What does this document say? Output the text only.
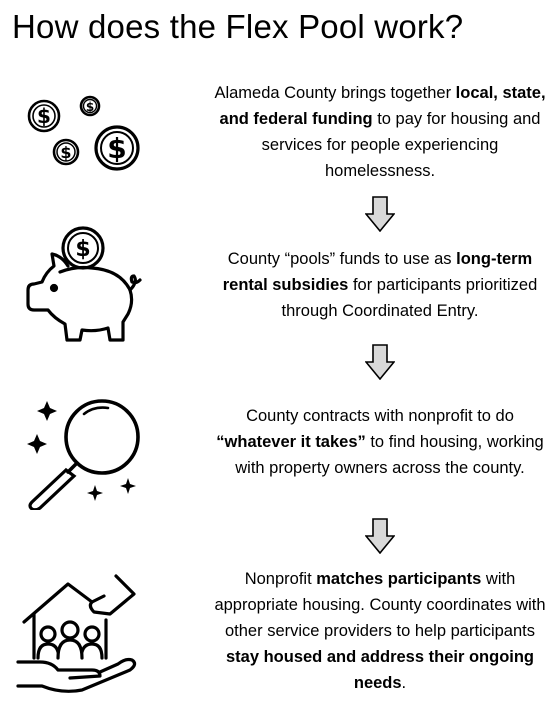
How does the Flex Pool work?
$	$
$ $
Alameda County brings together local, state, and federal funding to pay for housing and services for people experiencing homelessness.
$	County “pools” funds to use as long-term rental subsidies for participants prioritized through Coordinated Entry.
County contracts with nonprofit to do “whatever it takes” to find housing, working with property owners across the county.
Nonprofit matches participants with appropriate housing. County coordinates with other service providers to help participants stay housed and address their ongoing needs.
